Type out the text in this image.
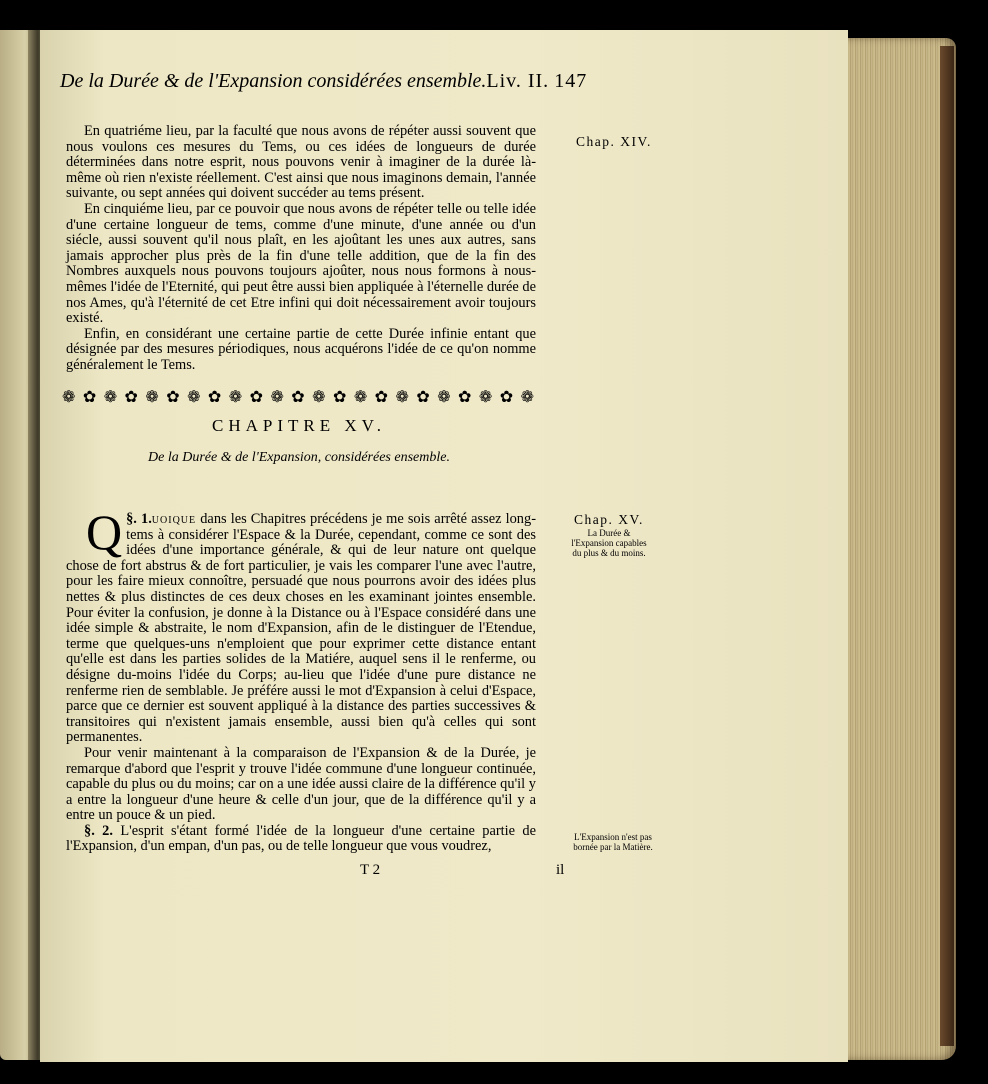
De la Durée & de l'Expansion considérées ensemble. Liv. II. 147
Chap. XIV.

En quatriéme lieu, par la faculté que nous avons de répéter aussi souvent que nous voulons ces mesures du Tems, ou ces idées de longueurs de durée déterminées dans notre esprit, nous pouvons venir à imaginer de la durée là-même où rien n'existe réellement. C'est ainsi que nous imaginons demain, l'année suivante, ou sept années qui doivent succéder au tems présent.

En cinquiéme lieu, par ce pouvoir que nous avons de répéter telle ou telle idée d'une certaine longueur de tems, comme d'une minute, d'une année ou d'un siécle, aussi souvent qu'il nous plaît, en les ajoûtant les unes aux autres, sans jamais approcher plus près de la fin d'une telle addition, que de la fin des Nombres auxquels nous pouvons toujours ajoûter, nous nous formons à nous-mêmes l'idée de l'Eternité, qui peut être aussi bien appliquée à l'éternelle durée de nos Ames, qu'à l'éternité de cet Etre infini qui doit nécessairement avoir toujours existé.

Enfin, en considérant une certaine partie de cette Durée infinie entant que désignée par des mesures périodiques, nous acquérons l'idée de ce qu'on nomme généralement le Tems.

❁ ✿ ❁ ✿ ❁ ✿ ❁ ✿ ❁ ✿ ❁ ✿ ❁ ✿ ❁ ✿ ❁ ✿ ❁ ✿ ❁ ✿ ❁
CHAPITRE XV.
De la Durée & de l'Expansion, considérées ensemble.
Chap. XV.
La Durée & l'Expansion capables du plus & du moins.

§. 1.
Q uoique dans les Chapitres précédens je me sois arrêté assez long-tems à considérer l'Espace & la Durée, cependant, comme ce sont des idées d'une importance générale, & qui de leur nature ont quelque chose de fort abstrus & de fort particulier, je vais les comparer l'une avec l'autre, pour les faire mieux connoître, persuadé que nous pourrons avoir des idées plus nettes & plus distinctes de ces deux choses en les examinant jointes ensemble. Pour éviter la confusion, je donne à la Distance ou à l'Espace considéré dans une idée simple & abstraite, le nom d'Expansion, afin de le distinguer de l'Etendue, terme que quelques-uns n'emploient que pour exprimer cette distance entant qu'elle est dans les parties solides de la Matiére, auquel sens il le renferme, ou désigne du-moins l'idée du Corps; au-lieu que l'idée d'une pure distance ne renferme rien de semblable. Je préfére aussi le mot d'Expansion à celui d'Espace, parce que ce dernier est souvent appliqué à la distance des parties successives & transitoires qui n'existent jamais ensemble, aussi bien qu'à celles qui sont permanentes.

Pour venir maintenant à la comparaison de l'Expansion & de la Durée, je remarque d'abord que l'esprit y trouve l'idée commune d'une longueur continuée, capable du plus ou du moins; car on a une idée aussi claire de la différence qu'il y a entre la longueur d'une heure & celle d'un jour, que de la différence qu'il y a entre un pouce & un pied.

§. 2. L'esprit s'étant formé l'idée de la longueur d'une certaine partie de l'Expansion, d'un empan, d'un pas, ou de telle longueur que vous voudrez,

L'Expansion n'est pas bornée par la Matière.
T 2	il
